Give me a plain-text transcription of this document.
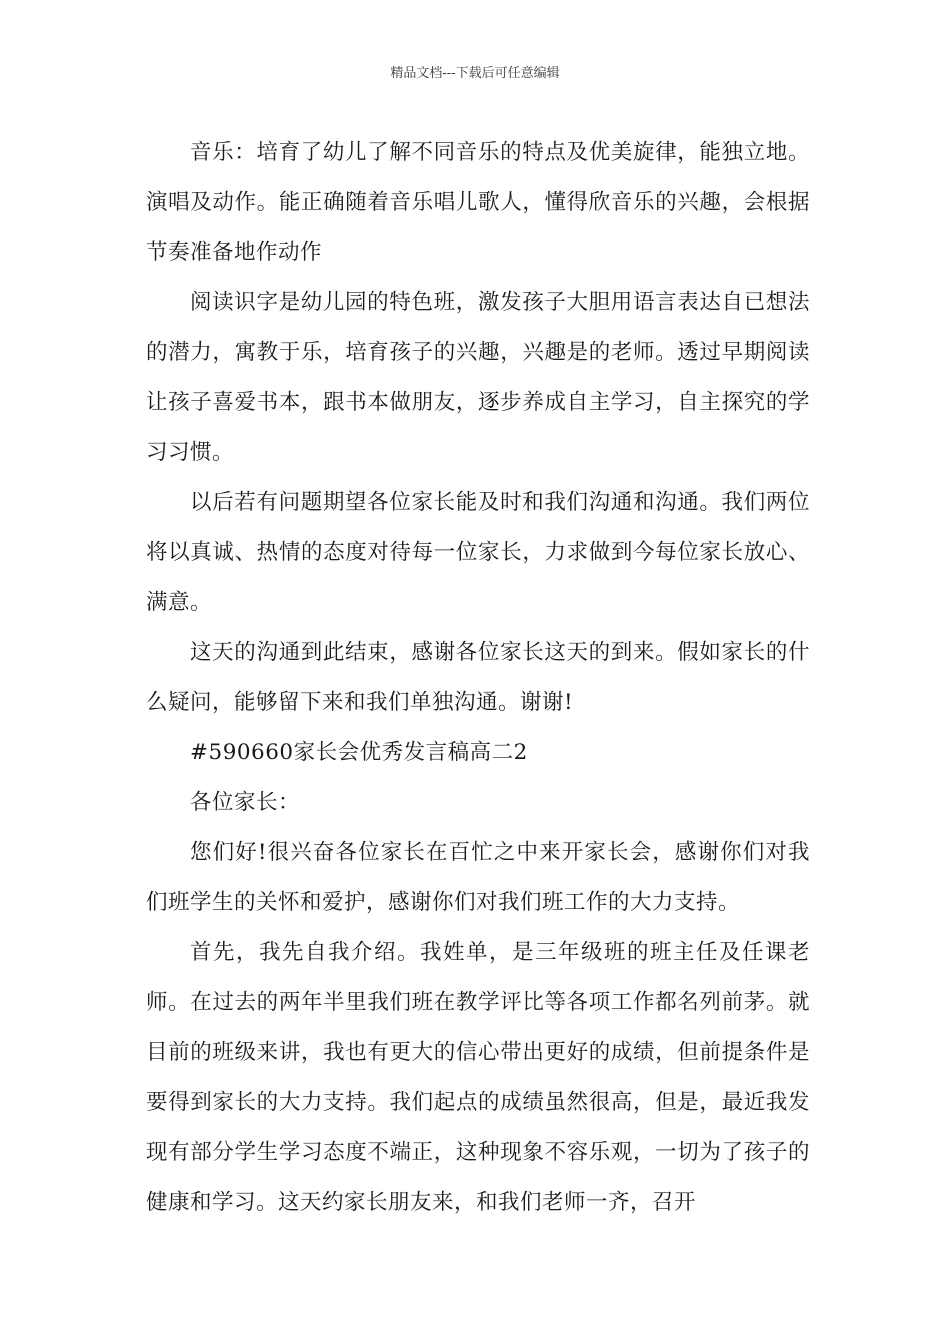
精品文档---下载后可任意编辑

音乐：培育了幼儿了解不同音乐的特点及优美旋律，能独立地。演唱及动作。能正确随着音乐唱儿歌人，懂得欣音乐的兴趣，会根据节奏准备地作动作

阅读识字是幼儿园的特色班，激发孩子大胆用语言表达自已想法的潜力，寓教于乐，培育孩子的兴趣，兴趣是的老师。透过早期阅读让孩子喜爱书本，跟书本做朋友，逐步养成自主学习，自主探究的学习习惯。

以后若有问题期望各位家长能及时和我们沟通和沟通。我们两位将以真诚、热情的态度对待每一位家长，力求做到今每位家长放心、满意。

这天的沟通到此结束，感谢各位家长这天的到来。假如家长的什么疑问，能够留下来和我们单独沟通。谢谢!

#590660家长会优秀发言稿高二2

各位家长：

您们好!很兴奋各位家长在百忙之中来开家长会，感谢你们对我们班学生的关怀和爱护，感谢你们对我们班工作的大力支持。

首先，我先自我介绍。我姓单，是三年级班的班主任及任课老师。在过去的两年半里我们班在教学评比等各项工作都名列前茅。就目前的班级来讲，我也有更大的信心带出更好的成绩，但前提条件是要得到家长的大力支持。我们起点的成绩虽然很高，但是，最近我发现有部分学生学习态度不端正，这种现象不容乐观，一切为了孩子的健康和学习。这天约家长朋友来，和我们老师一齐，召开
